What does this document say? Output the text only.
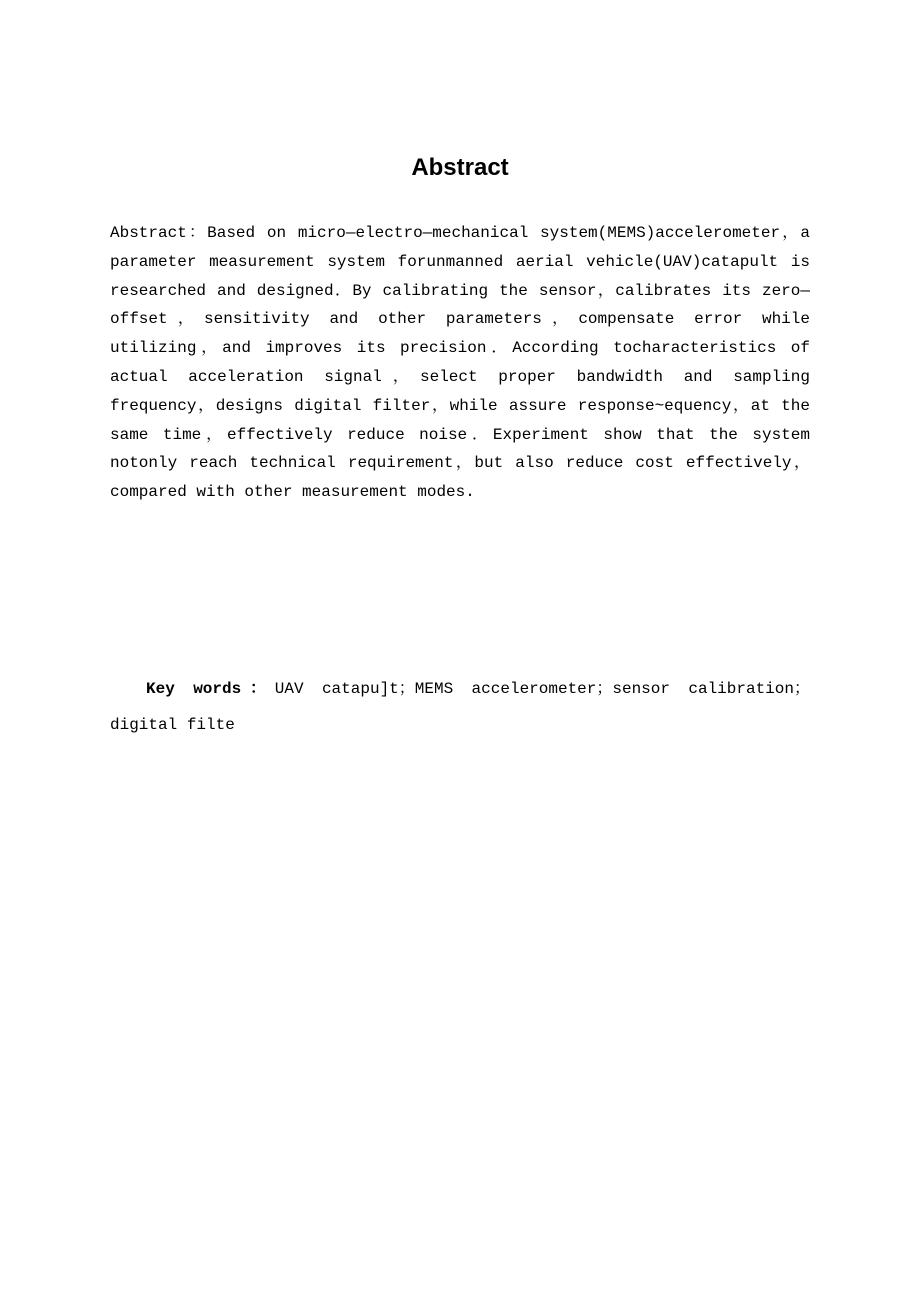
Abstract

Abstract：Based on micro—electro—mechanical system(MEMS)accelerometer，a parameter measurement system forunmanned aerial vehicle(UAV)catapult is researched and designed．By calibrating the sensor，calibrates its zero—offset，sensitivity and other parameters，compensate error while utilizing，and improves its precision．According tocharacteristics of actual acceleration signal，select proper bandwidth and sampling frequency，designs digital filter，while assure response~equency，at the same time，effectively reduce noise．Experiment show that the system notonly reach technical requirement，but also reduce cost effectively，compared with other measurement modes.

Key words：UAV catapu]t；MEMS accelerometer；sensor calibration；digital filte
